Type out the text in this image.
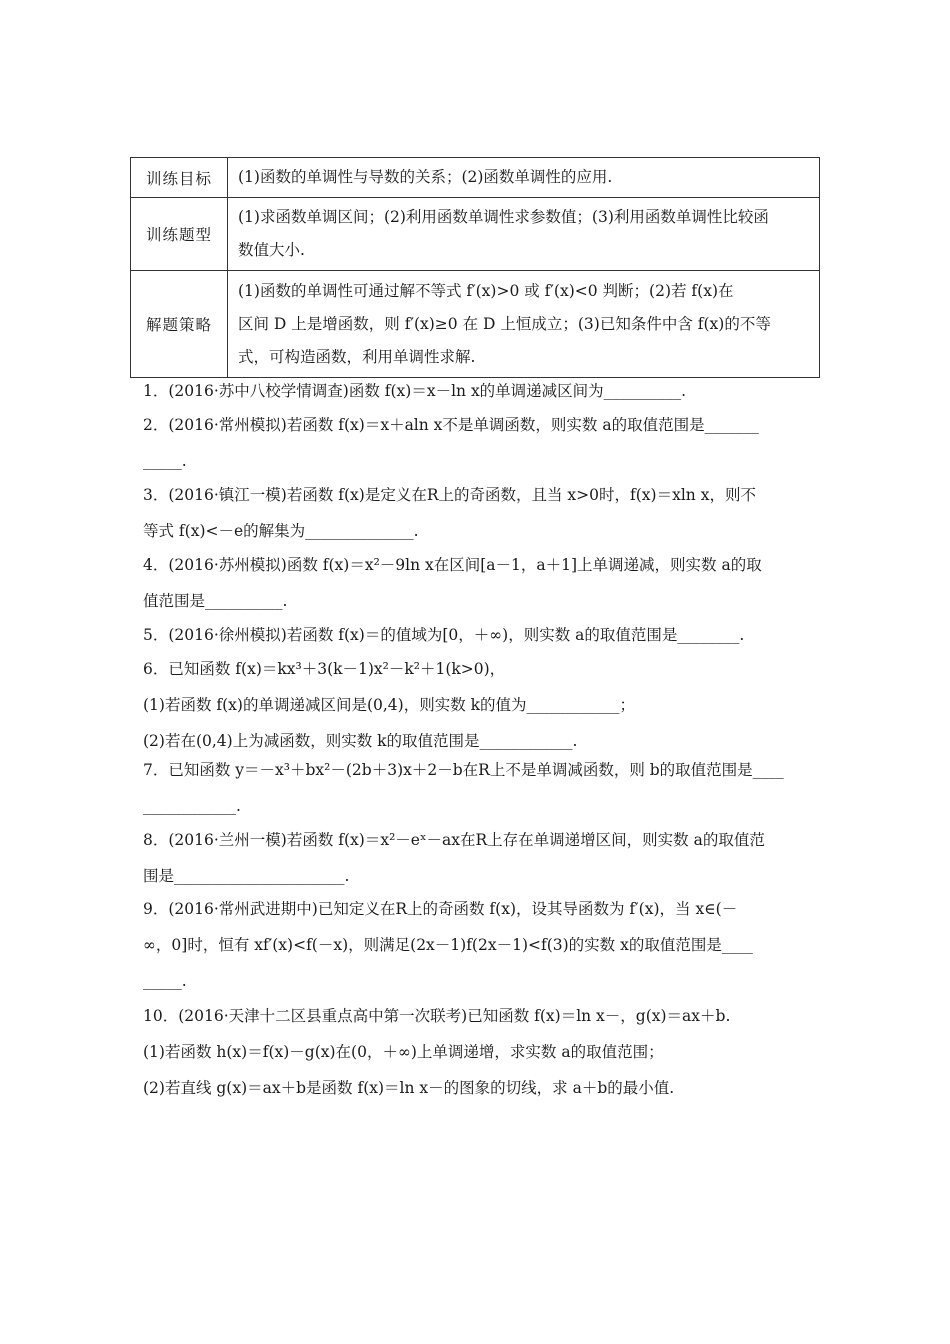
训练目标	(1)函数的单调性与导数的关系；(2)函数单调性的应用.

训练题型	(1)求函数单调区间；(2)利用函数单调性求参数值；(3)利用函数单调性比较函
数值大小.

解题策略	(1)函数的单调性可通过解不等式 f′(x)>0 或 f′(x)<0 判断；(2)若 f(x)在
区间 D 上是增函数，则 f′(x)≥0 在 D 上恒成立；(3)已知条件中含 f(x)的不等
式，可构造函数，利用单调性求解.

1．(2016·苏中八校学情调查)函数 f(x)＝x－ln x的单调递减区间为__________.

2．(2016·常州模拟)若函数 f(x)＝x＋aln x不是单调函数，则实数 a的取值范围是_______

_____.

3．(2016·镇江一模)若函数 f(x)是定义在R上的奇函数，且当 x>0时，f(x)＝xln x，则不

等式 f(x)<－e的解集为______________.

4．(2016·苏州模拟)函数 f(x)＝x²－9ln x在区间[a－1，a＋1]上单调递减，则实数 a的取

值范围是__________.

5．(2016·徐州模拟)若函数 f(x)＝的值域为[0，＋∞)，则实数 a的取值范围是________.

6．已知函数 f(x)＝kx³＋3(k－1)x²－k²＋1(k>0)，

(1)若函数 f(x)的单调递减区间是(0,4)，则实数 k的值为____________；

(2)若在(0,4)上为减函数，则实数 k的取值范围是____________.

7．已知函数 y＝－x³＋bx²－(2b＋3)x＋2－b在R上不是单调减函数，则 b的取值范围是____

____________.

8．(2016·兰州一模)若函数 f(x)＝x²－eˣ－ax在R上存在单调递增区间，则实数 a的取值范

围是______________________.

9．(2016·常州武进期中)已知定义在R上的奇函数 f(x)，设其导函数为 f′(x)，当 x∈(－

∞，0]时，恒有 xf′(x)<f(－x)，则满足(2x－1)f(2x－1)<f(3)的实数 x的取值范围是____

_____.

10．(2016·天津十二区县重点高中第一次联考)已知函数 f(x)＝ln x－，g(x)＝ax＋b.

(1)若函数 h(x)＝f(x)－g(x)在(0，＋∞)上单调递增，求实数 a的取值范围；

(2)若直线 g(x)＝ax＋b是函数 f(x)＝ln x－的图象的切线，求 a＋b的最小值.
